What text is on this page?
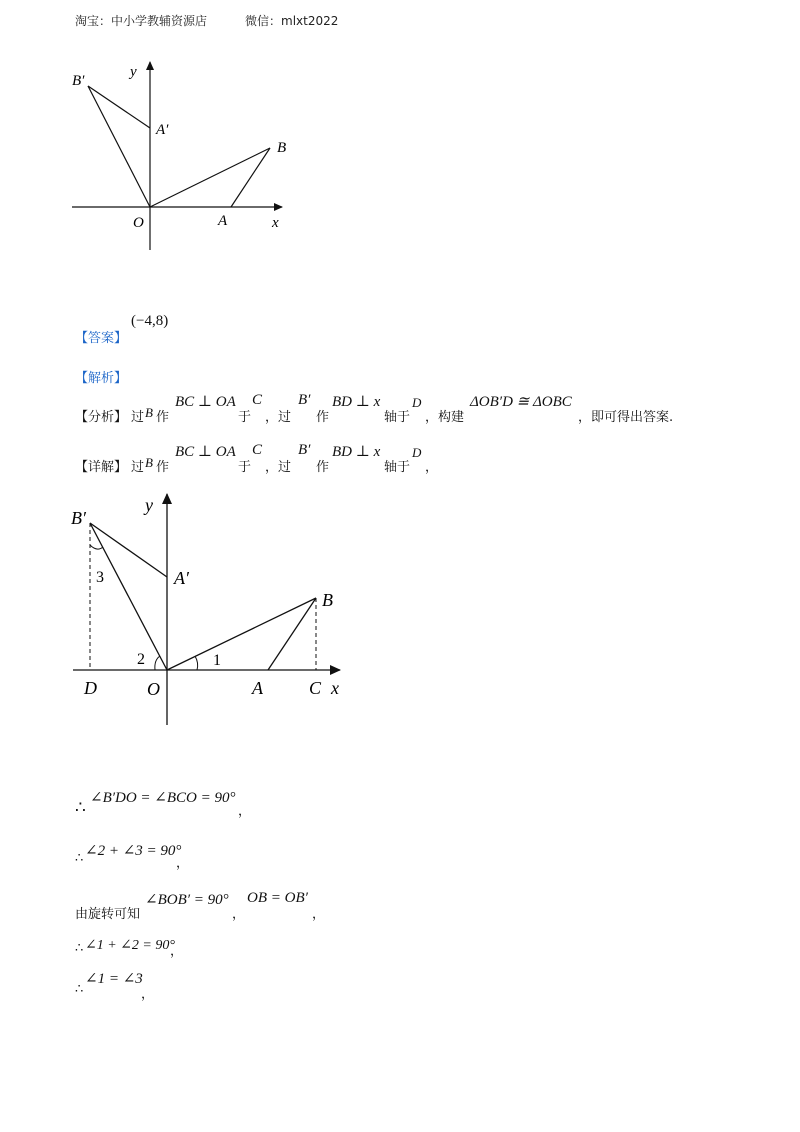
淘宝：中小学教辅资源店	微信：mlxt2022
B′
y
A′
B
O	A	x
【答案】
(−4,8)
【解析】
【分析】 过 B 作
BC ⊥ OA
于
C
，过
B′
作
BD ⊥ x
轴于
D
，构建
ΔOB′D ≅ ΔOBC
，即可得出答案.
【详解】 过 B 作
BC ⊥ OA
于
C
，过
B′
作
BD ⊥ x
轴于
D
，
B′
y
A′
B
3
2	1
D	O	A	C x
∴ ∠B′DO = ∠BCO = 90°
，
∴ ∠2 + ∠3 = 90°
，
由旋转可知
∠BOB′ = 90°
，
OB = OB′
，
∴ ∠1 + ∠2 = 90°
，
∴
∠1 = ∠3
，
